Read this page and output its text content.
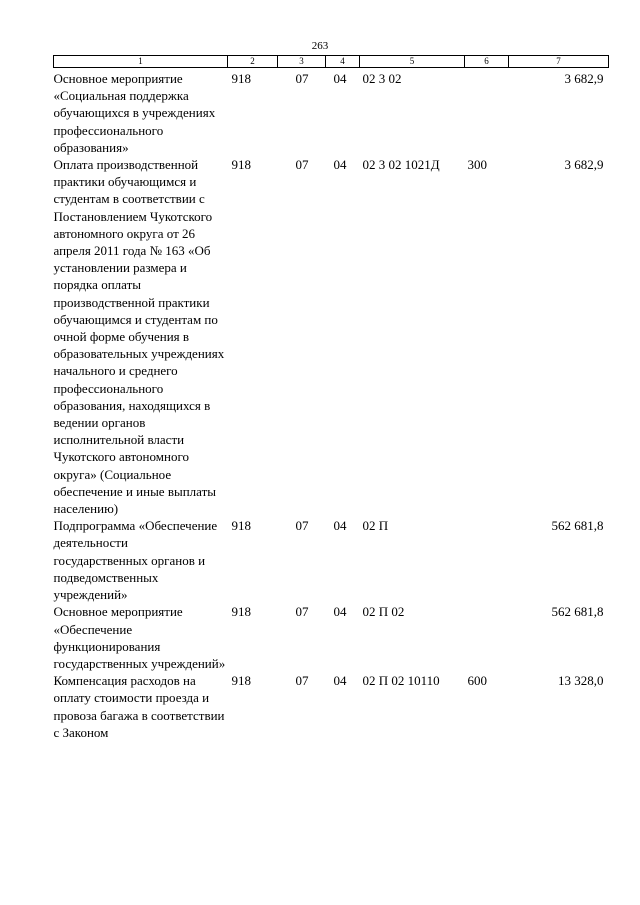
263
1	2	3	4	5	6	7
Основное мероприятие «Социальная поддержка обучающихся в учреждениях профессионального образования»	918	07	04	02 3 02		3 682,9
Оплата производственной практики обучающимся и студентам в соответствии с Постановлением Чукотского автономного округа от 26 апреля 2011 года № 163 «Об установлении размера и порядка оплаты производственной практики обучающимся и студентам по очной форме обучения в образовательных учреждениях начального и среднего профессионального образования, находящихся в ведении органов исполнительной власти Чукотского автономного округа» (Социальное обеспечение и иные выплаты населению)	918	07	04	02 3 02 1021Д	300	3 682,9
Подпрограмма «Обеспечение деятельности государственных органов и подведомственных учреждений»	918	07	04	02 П		562 681,8
Основное мероприятие «Обеспечение функционирования государственных учреждений»	918	07	04	02 П 02		562 681,8
Компенсация расходов на оплату стоимости проезда и провоза багажа в соответствии с Законом	918	07	04	02 П 02 10110	600	13 328,0
